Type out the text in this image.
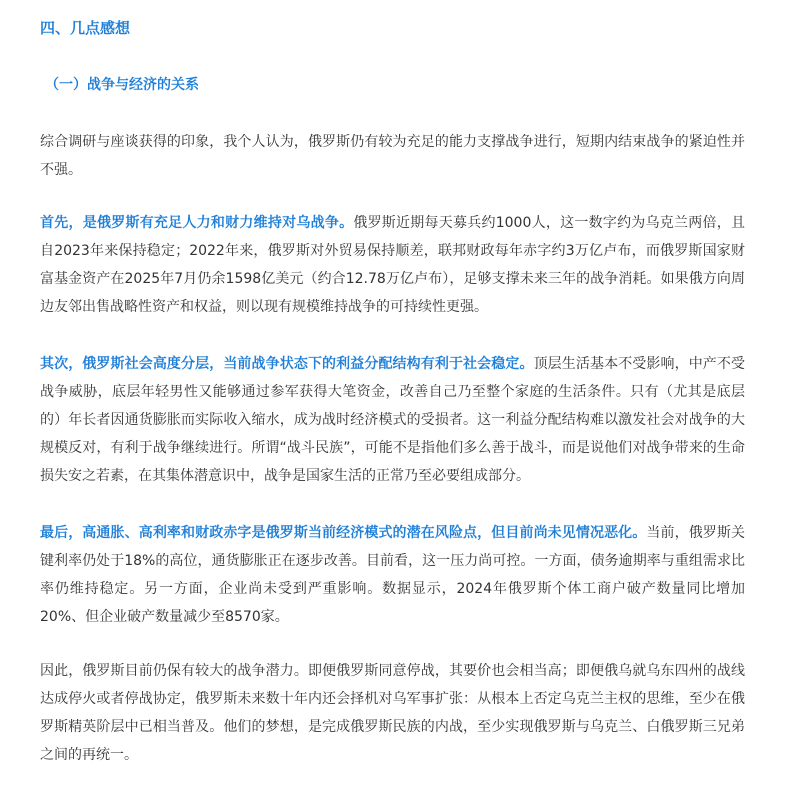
四、几点感想
（一）战争与经济的关系

综合调研与座谈获得的印象，我个人认为，俄罗斯仍有较为充足的能力支撑战争进行，短期内结束战争的紧迫性并不强。

首先，是俄罗斯有充足人力和财力维持对乌战争。俄罗斯近期每天募兵约1000人，这一数字约为乌克兰两倍，且自2023年来保持稳定；2022年来，俄罗斯对外贸易保持顺差，联邦财政每年赤字约3万亿卢布，而俄罗斯国家财富基金资产在2025年7月仍余1598亿美元（约合12.78万亿卢布），足够支撑未来三年的战争消耗。如果俄方向周边友邻出售战略性资产和权益，则以现有规模维持战争的可持续性更强。

其次，俄罗斯社会高度分层，当前战争状态下的利益分配结构有利于社会稳定。顶层生活基本不受影响，中产不受战争威胁，底层年轻男性又能够通过参军获得大笔资金，改善自己乃至整个家庭的生活条件。只有（尤其是底层的）年长者因通货膨胀而实际收入缩水，成为战时经济模式的受损者。这一利益分配结构难以激发社会对战争的大规模反对，有利于战争继续进行。所谓“战斗民族”，可能不是指他们多么善于战斗，而是说他们对战争带来的生命损失安之若素，在其集体潜意识中，战争是国家生活的正常乃至必要组成部分。

最后，高通胀、高利率和财政赤字是俄罗斯当前经济模式的潜在风险点，但目前尚未见情况恶化。当前，俄罗斯关键利率仍处于18%的高位，通货膨胀正在逐步改善。目前看，这一压力尚可控。一方面，债务逾期率与重组需求比率仍维持稳定。另一方面，企业尚未受到严重影响。数据显示，2024年俄罗斯个体工商户破产数量同比增加20%、但企业破产数量减少至8570家。

因此，俄罗斯目前仍保有较大的战争潜力。即便俄罗斯同意停战，其要价也会相当高；即便俄乌就乌东四州的战线达成停火或者停战协定，俄罗斯未来数十年内还会择机对乌军事扩张：从根本上否定乌克兰主权的思维，至少在俄罗斯精英阶层中已相当普及。他们的梦想，是完成俄罗斯民族的内战，至少实现俄罗斯与乌克兰、白俄罗斯三兄弟之间的再统一。
